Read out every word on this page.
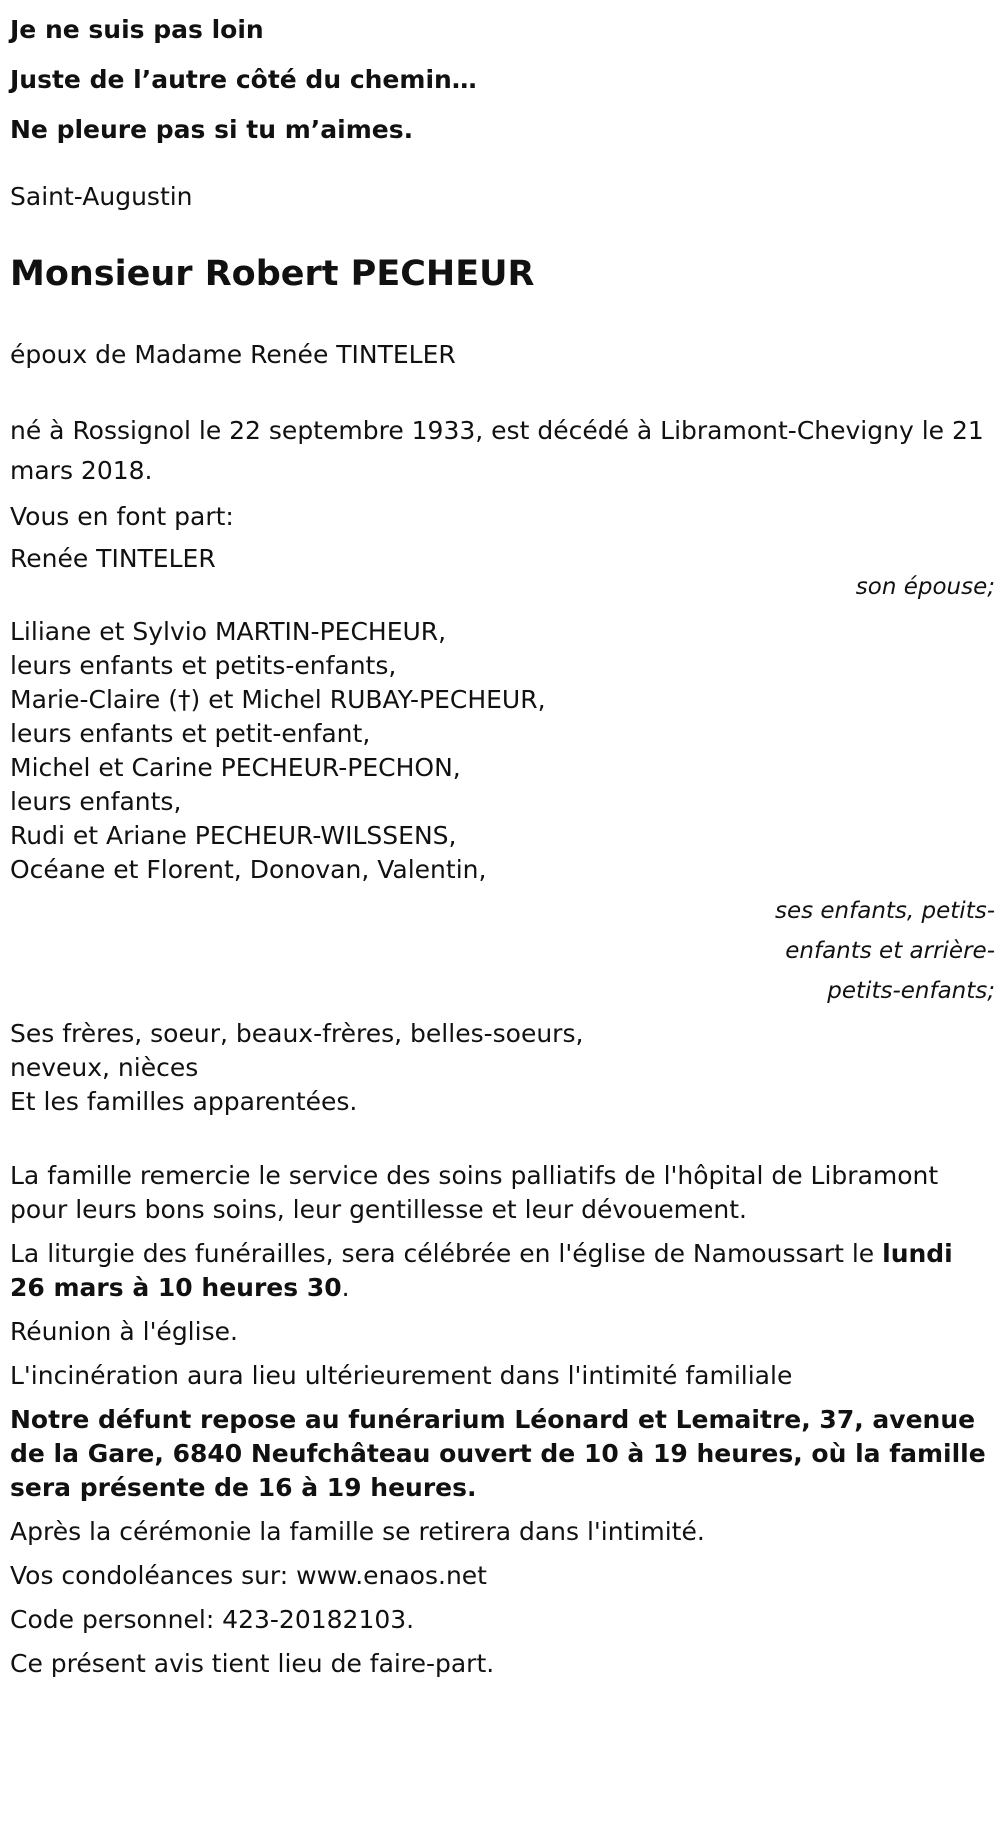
Je ne suis pas loin

Juste de l’autre côté du chemin…

Ne pleure pas si tu m’aimes.

Saint-Augustin

Monsieur Robert PECHEUR

époux de Madame Renée TINTELER

né à Rossignol le 22 septembre 1933, est décédé à Libramont-Chevigny le 21 mars 2018.

Vous en font part:

Renée TINTELER

son épouse;

Liliane et Sylvio MARTIN-PECHEUR,

leurs enfants et petits-enfants,

Marie-Claire (†) et Michel RUBAY-PECHEUR,

leurs enfants et petit-enfant,

Michel et Carine PECHEUR-PECHON,

leurs enfants,

Rudi et Ariane PECHEUR-WILSSENS,

Océane et Florent, Donovan, Valentin,

ses enfants, petits-

enfants et arrière-

petits-enfants;

Ses frères, soeur, beaux-frères, belles-soeurs,

neveux, nièces

Et les familles apparentées.

La famille remercie le service des soins palliatifs de l'hôpital de Libramont pour leurs bons soins, leur gentillesse et leur dévouement.

La liturgie des funérailles, sera célébrée en l'église de Namoussart le lundi 26 mars à 10 heures 30.

Réunion à l'église.

L'incinération aura lieu ultérieurement dans l'intimité familiale

Notre défunt repose au funérarium Léonard et Lemaitre, 37, avenue de la Gare, 6840 Neufchâteau ouvert de 10 à 19 heures, où la famille sera présente de 16 à 19 heures.

Après la cérémonie la famille se retirera dans l'intimité.

Vos condoléances sur: www.enaos.net

Code personnel: 423-20182103.

Ce présent avis tient lieu de faire-part.
